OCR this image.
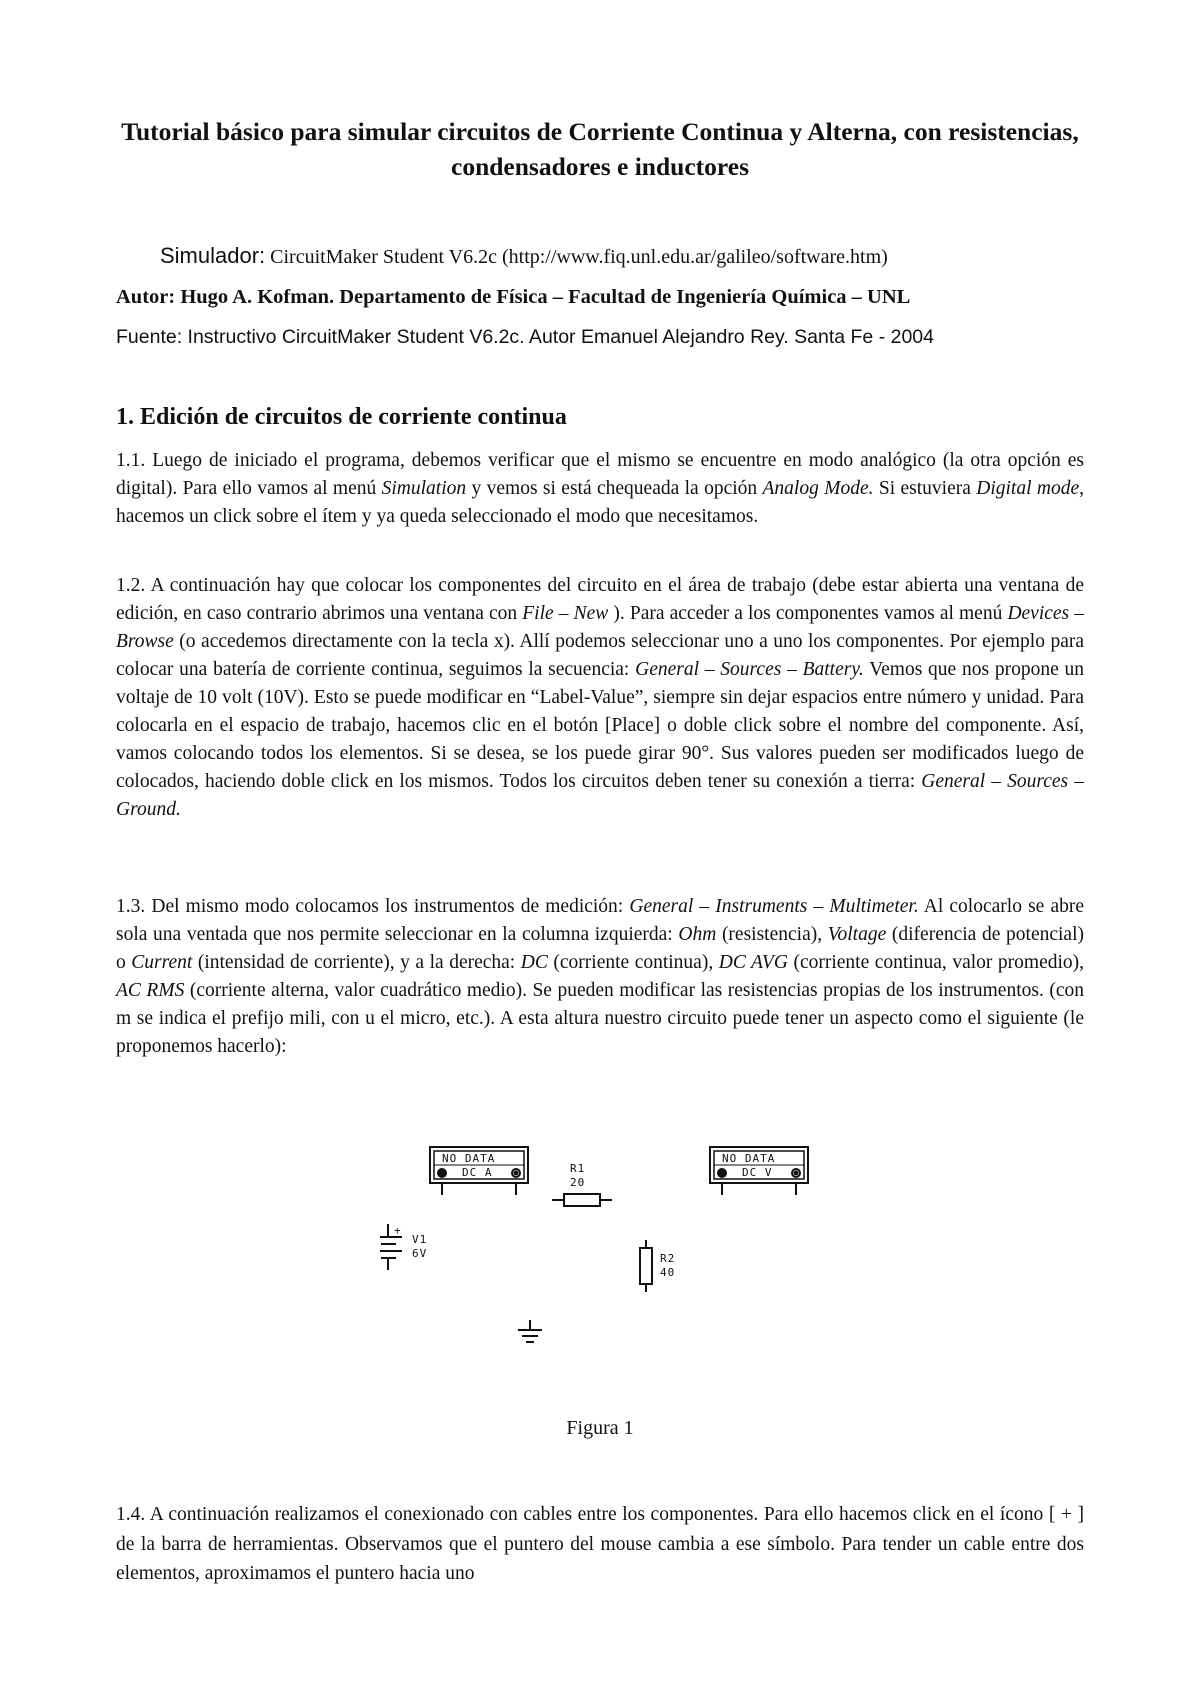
Tutorial básico para simular circuitos de Corriente Continua y Alterna, con resistencias, condensadores e inductores

Simulador: CircuitMaker Student V6.2c (http://www.fiq.unl.edu.ar/galileo/software.htm)

Autor: Hugo A. Kofman. Departamento de Física – Facultad de Ingeniería Química – UNL

Fuente: Instructivo CircuitMaker Student V6.2c. Autor Emanuel Alejandro Rey. Santa Fe - 2004

1. Edición de circuitos de corriente continua

1.1. Luego de iniciado el programa, debemos verificar que el mismo se encuentre en modo analógico (la otra opción es digital). Para ello vamos al menú Simulation y vemos si está chequeada la opción Analog Mode. Si estuviera Digital mode, hacemos un click sobre el ítem y ya queda seleccionado el modo que necesitamos.

1.2. A continuación hay que colocar los componentes del circuito en el área de trabajo (debe estar abierta una ventana de edición, en caso contrario abrimos una ventana con File – New ). Para acceder a los componentes vamos al menú Devices – Browse (o accedemos directamente con la tecla x). Allí podemos seleccionar uno a uno los componentes. Por ejemplo para colocar una batería de corriente continua, seguimos la secuencia: General – Sources – Battery. Vemos que nos propone un voltaje de 10 volt (10V). Esto se puede modificar en “Label-Value”, siempre sin dejar espacios entre número y unidad. Para colocarla en el espacio de trabajo, hacemos clic en el botón [Place] o doble click sobre el nombre del componente. Así, vamos colocando todos los elementos. Si se desea, se los puede girar 90°. Sus valores pueden ser modificados luego de colocados, haciendo doble click en los mismos. Todos los circuitos deben tener su conexión a tierra: General – Sources – Ground.

1.3. Del mismo modo colocamos los instrumentos de medición: General – Instruments – Multimeter. Al colocarlo se abre sola una ventada que nos permite seleccionar en la columna izquierda: Ohm (resistencia), Voltage (diferencia de potencial) o Current (intensidad de corriente), y a la derecha: DC (corriente continua), DC AVG (corriente continua, valor promedio), AC RMS (corriente alterna, valor cuadrático medio). Se pueden modificar las resistencias propias de los instrumentos. (con m se indica el prefijo mili, con u el micro, etc.). A esta altura nuestro circuito puede tener un aspecto como el siguiente (le proponemos hacerlo):

NO DATA
DC A
NO DATA
DC V
R1
20
+
V1
6V	R2
40

Figura 1

1.4. A continuación realizamos el conexionado con cables entre los componentes. Para ello hacemos click en el ícono [ + ] de la barra de herramientas. Observamos que el puntero del mouse cambia a ese símbolo. Para tender un cable entre dos elementos, aproximamos el puntero hacia uno
